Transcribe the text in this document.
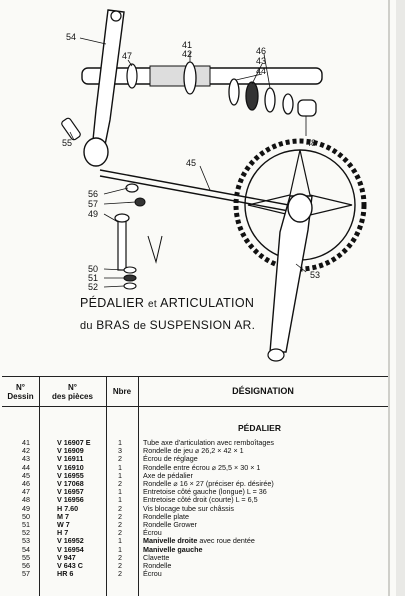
54
47
41
42	46
43
44
48
55
45
56
57
49
50
51
52
53
PÉDALIER et ARTICULATION
du BRAS de SUSPENSION AR.
N°
Dessin
N°
des pièces
Nbre	DÉSIGNATION
PÉDALIER
41	V 16907 E	1	Tube axe d'articulation avec remboîtages
42	V 16909	3	Rondelle de jeu ⌀ 26,2 × 42 × 1
43	V 16911	2	Écrou de réglage
44	V 16910	1	Rondelle entre écrou ⌀ 25,5 × 30 × 1
45	V 16955	1	Axe de pédalier
46	V 17068	2	Rondelle ⌀ 16 × 27 (préciser ép. désirée)
47	V 16957	1	Entretoise côté gauche (longue) L = 36
48	V 16956	1	Entretoise côté droit (courte) L = 6,5
49	H 7.60	2	Vis blocage tube sur châssis
50	M 7	2	Rondelle plate
51	W 7	2	Rondelle Grower
52	H 7	2	Écrou
53	V 16952	1	Manivelle droite avec roue dentée
54	V 16954	1	Manivelle gauche
55	V 947	2	Clavette
56	V 643 C	2	Rondelle
57	HR 6	2	Écrou
